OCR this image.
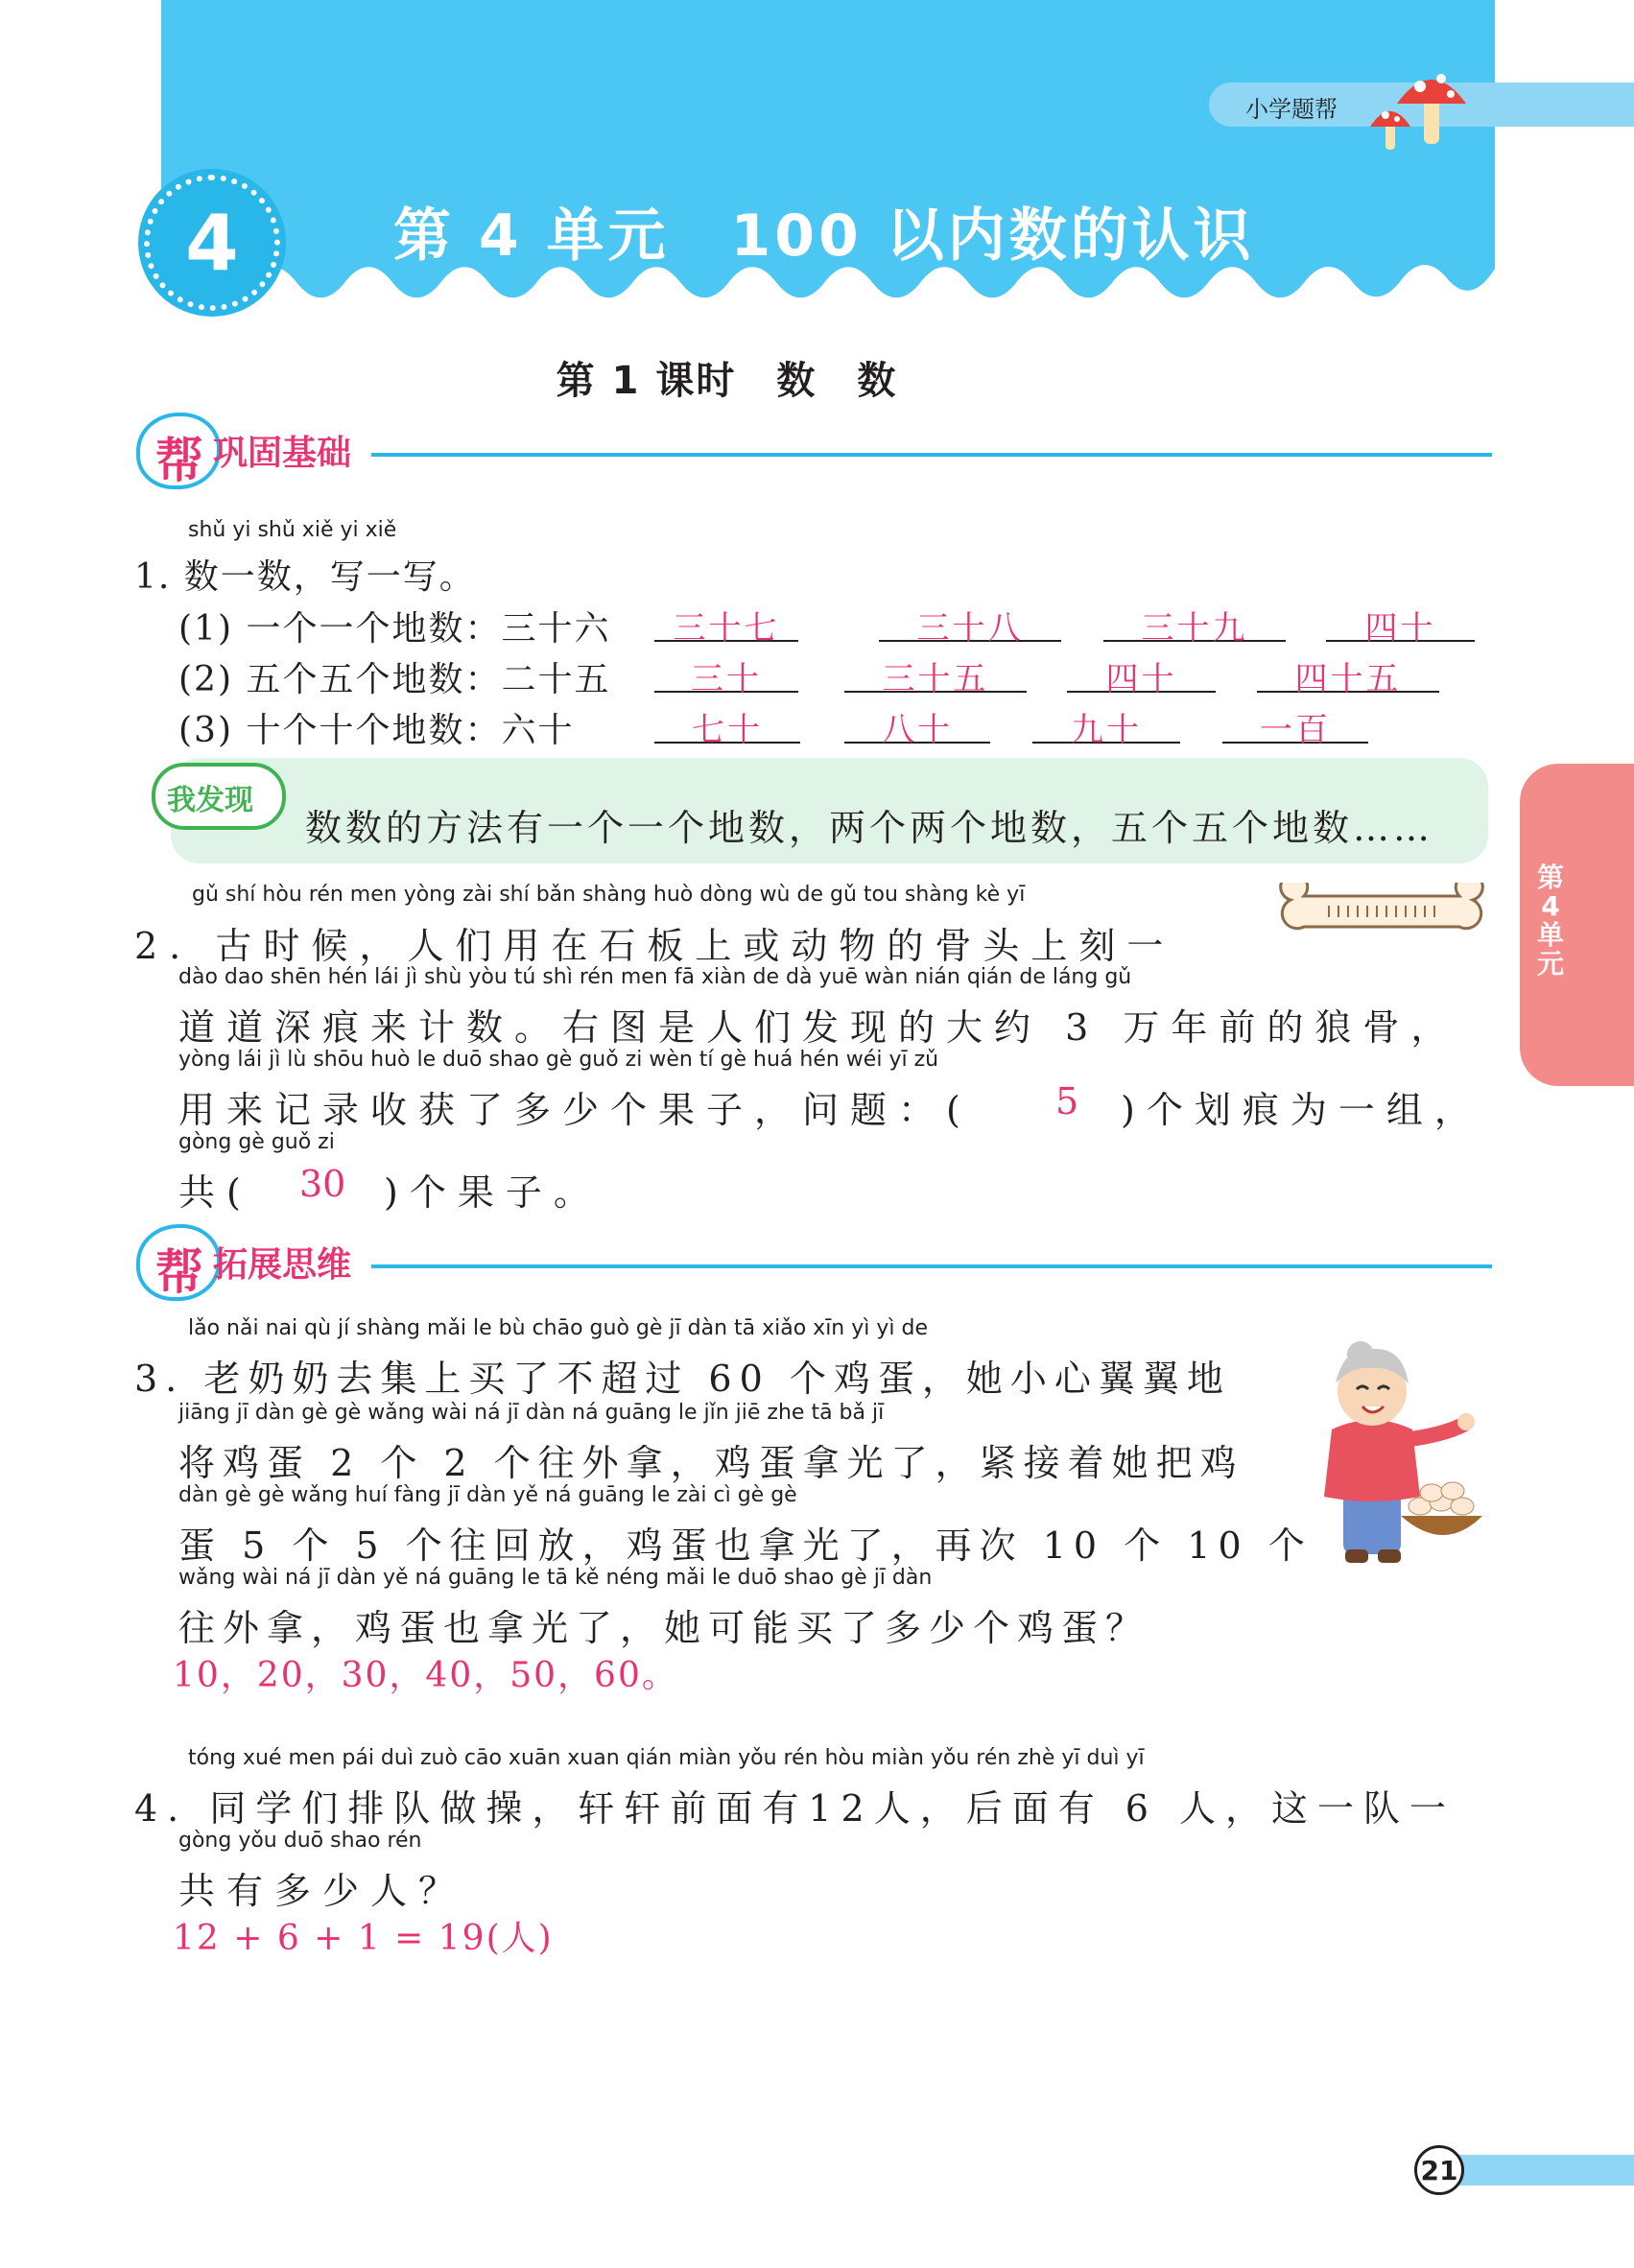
小学题帮
4	第 4 单元　100 以内数的认识
第 1 课时　数　数
帮 巩固基础
shǔ yi shǔ xiě yi xiě
1. 数一数，写一写。
(1) 一个一个地数：三十六	三十七	三十八	三十九	四十
(2) 五个五个地数：二十五	三十	三十五	四十	四十五
(3) 十个十个地数：六十	七十	八十	九十	一百
我发现
数数的方法有一个一个地数，两个两个地数，五个五个地数……
第
4
单元
gǔ shí hòu rén men yòng zài shí bǎn shàng huò dòng wù de gǔ tou shàng kè yī
2. 古时候，人们用在石板上或动物的骨头上刻一
dào dao shēn hén lái jì shù yòu tú shì rén men fā xiàn de dà yuē wàn nián qián de láng gǔ
道道深痕来计数。右图是人们发现的大约 3 万年前的狼骨，
yòng lái jì lù shōu huò le duō shao gè guǒ zi wèn tí gè huá hén wéi yī zǔ
用来记录收获了多少个果子，问题：( 5 )个划痕为一组，
gòng gè guǒ zi
共( 30 )个果子。
帮 拓展思维
lǎo nǎi nai qù jí shàng mǎi le bù chāo guò gè jī dàn tā xiǎo xīn yì yì de
3. 老奶奶去集上买了不超过 60 个鸡蛋，她小心翼翼地
jiāng jī dàn gè gè wǎng wài ná jī dàn ná guāng le jǐn jiē zhe tā bǎ jī
将鸡蛋 2 个 2 个往外拿，鸡蛋拿光了，紧接着她把鸡
dàn gè gè wǎng huí fàng jī dàn yě ná guāng le zài cì gè gè
蛋 5 个 5 个往回放，鸡蛋也拿光了，再次 10 个 10 个
wǎng wài ná jī dàn yě ná guāng le tā kě néng mǎi le duō shao gè jī dàn
往外拿，鸡蛋也拿光了，她可能买了多少个鸡蛋？
10，20，30，40，50，60。
tóng xué men pái duì zuò cāo xuān xuan qián miàn yǒu rén hòu miàn yǒu rén zhè yī duì yī
4. 同学们排队做操，轩轩前面有12人，后面有 6 人，这一队一
gòng yǒu duō shao rén
共有多少人？
12 + 6 + 1 = 19(人)
21
